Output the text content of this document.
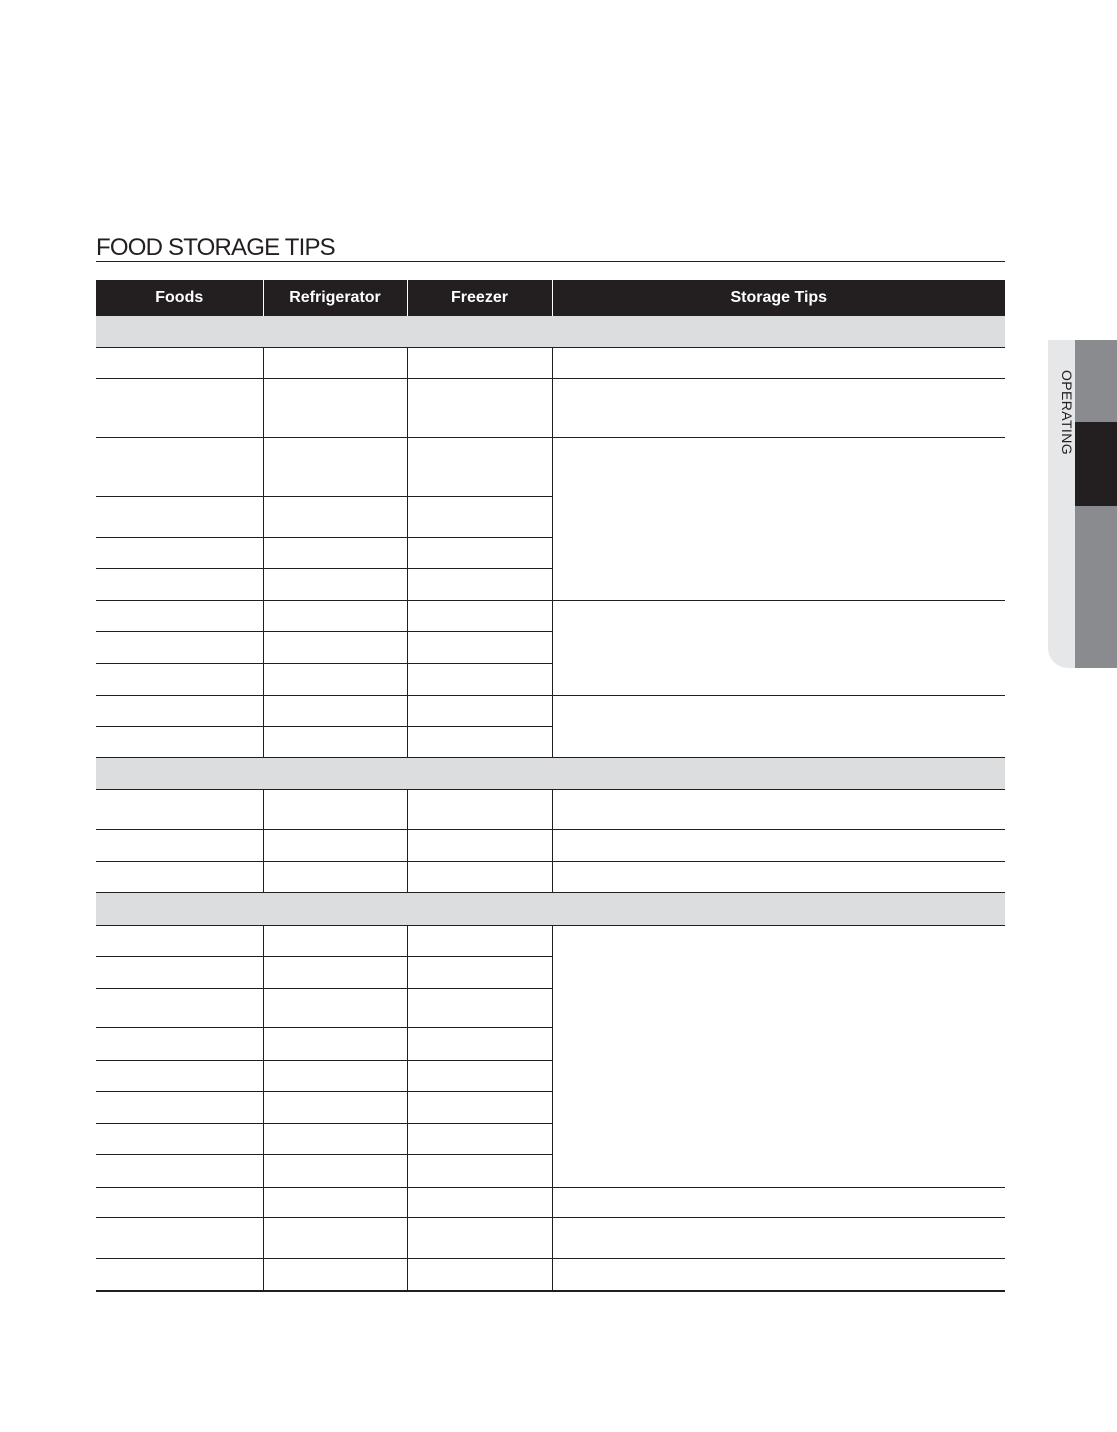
FOOD STORAGE TIPS
Foods	Refrigerator	Freezer	Storage Tips

OPERATING
